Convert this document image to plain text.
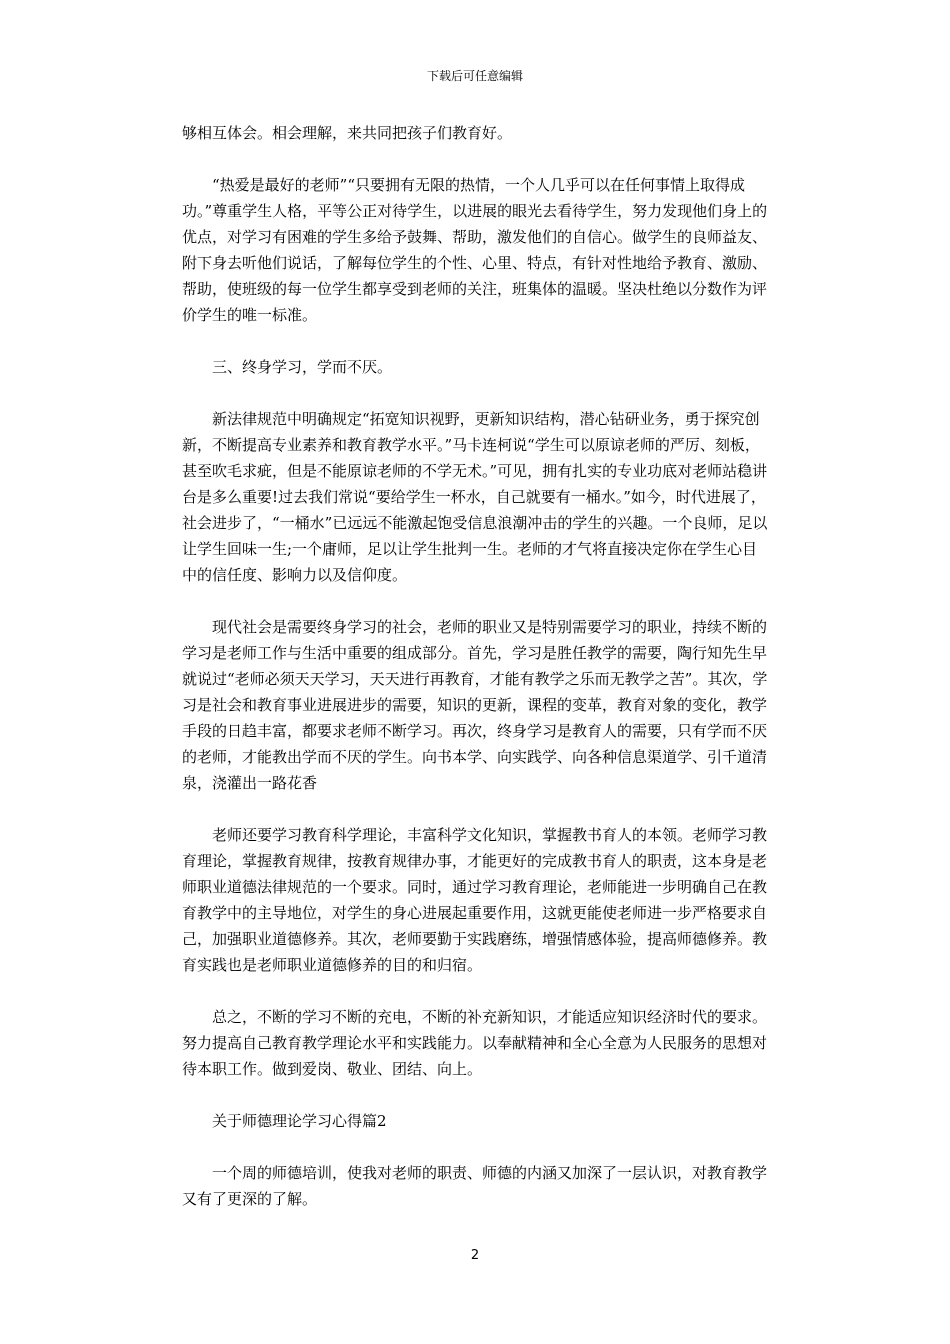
下载后可任意编辑

够相互体会。相会理解，来共同把孩子们教育好。

“热爱是最好的老师”“只要拥有无限的热情，一个人几乎可以在任何事情上取得成功。”尊重学生人格，平等公正对待学生，以进展的眼光去看待学生，努力发现他们身上的优点，对学习有困难的学生多给予鼓舞、帮助，激发他们的自信心。做学生的良师益友、附下身去听他们说话，了解每位学生的个性、心里、特点，有针对性地给予教育、激励、帮助，使班级的每一位学生都享受到老师的关注，班集体的温暖。坚决杜绝以分数作为评价学生的唯一标准。

三、终身学习，学而不厌。

新法律规范中明确规定“拓宽知识视野，更新知识结构，潜心钻研业务，勇于探究创新，不断提高专业素养和教育教学水平。”马卡连柯说“学生可以原谅老师的严厉、刻板，甚至吹毛求疵，但是不能原谅老师的不学无术。”可见，拥有扎实的专业功底对老师站稳讲台是多么重要!过去我们常说“要给学生一杯水，自己就要有一桶水。”如今，时代进展了，社会进步了，“一桶水”已远远不能激起饱受信息浪潮冲击的学生的兴趣。一个良师，足以让学生回味一生;一个庸师，足以让学生批判一生。老师的才气将直接决定你在学生心目中的信任度、影响力以及信仰度。

现代社会是需要终身学习的社会，老师的职业又是特别需要学习的职业，持续不断的学习是老师工作与生活中重要的组成部分。首先，学习是胜任教学的需要，陶行知先生早就说过“老师必须天天学习，天天进行再教育，才能有教学之乐而无教学之苦”。其次，学习是社会和教育事业进展进步的需要，知识的更新，课程的变革，教育对象的变化，教学手段的日趋丰富，都要求老师不断学习。再次，终身学习是教育人的需要，只有学而不厌的老师，才能教出学而不厌的学生。向书本学、向实践学、向各种信息渠道学、引千道清泉，浇灌出一路花香

老师还要学习教育科学理论，丰富科学文化知识，掌握教书育人的本领。老师学习教育理论，掌握教育规律，按教育规律办事，才能更好的完成教书育人的职责，这本身是老师职业道德法律规范的一个要求。同时，通过学习教育理论，老师能进一步明确自己在教育教学中的主导地位，对学生的身心进展起重要作用，这就更能使老师进一步严格要求自己，加强职业道德修养。其次，老师要勤于实践磨练，增强情感体验，提高师德修养。教育实践也是老师职业道德修养的目的和归宿。

总之，不断的学习不断的充电，不断的补充新知识，才能适应知识经济时代的要求。努力提高自己教育教学理论水平和实践能力。以奉献精神和全心全意为人民服务的思想对待本职工作。做到爱岗、敬业、团结、向上。

关于师德理论学习心得篇2

一个周的师德培训，使我对老师的职责、师德的内涵又加深了一层认识，对教育教学又有了更深的了解。

2
